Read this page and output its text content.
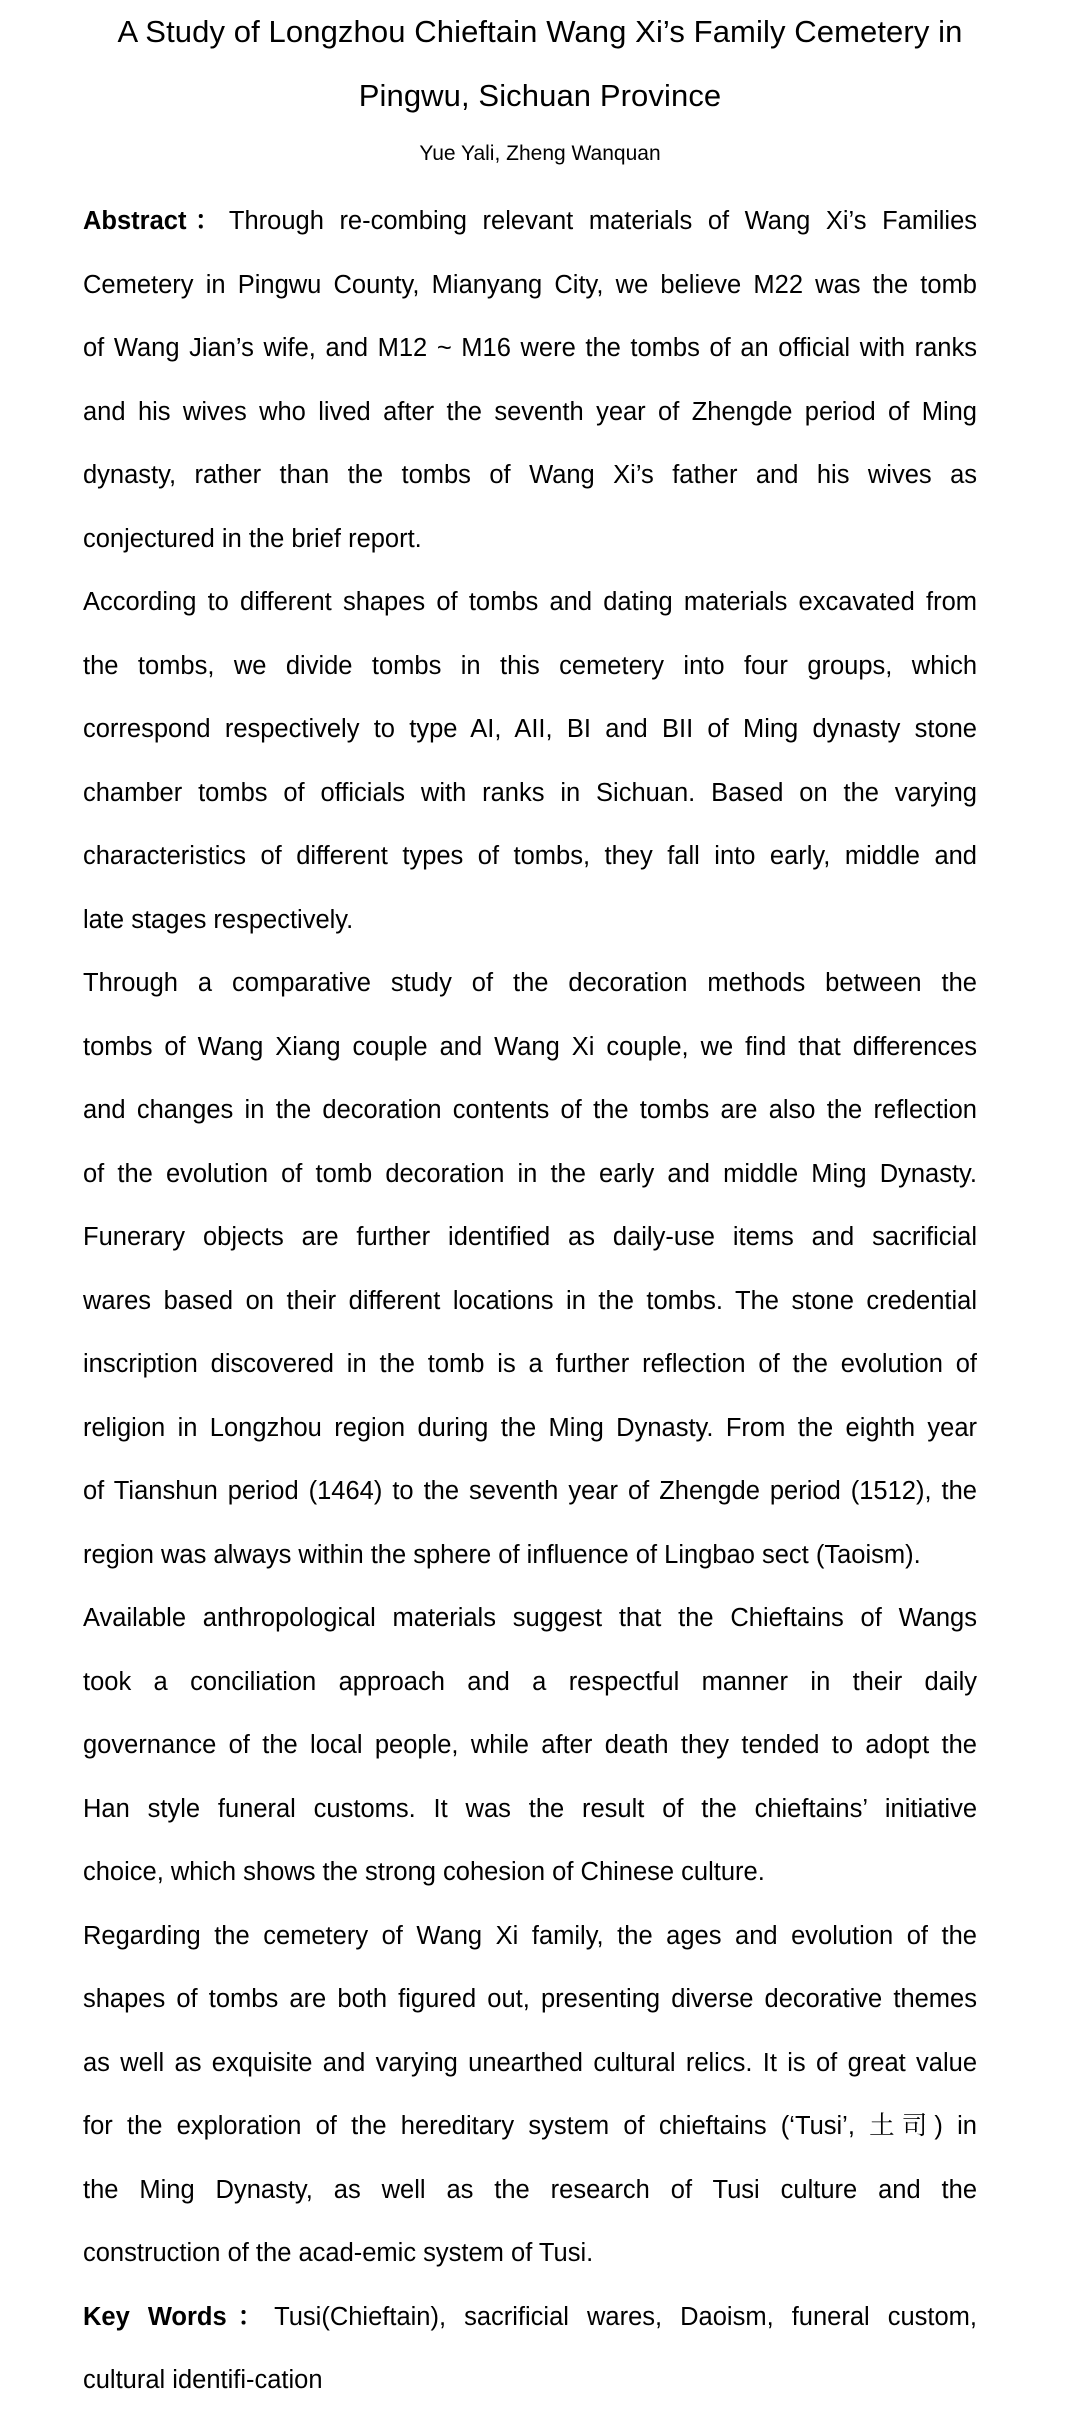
A Study of Longzhou Chieftain Wang Xi’s Family Cemetery in
Pingwu, Sichuan Province
Yue Yali, Zheng Wanquan
Abstract：Through re-combing relevant materials of Wang Xi’s Families
Cemetery in Pingwu County, Mianyang City, we believe M22 was the tomb
of Wang Jian’s wife, and M12 ~ M16 were the tombs of an official with ranks
and his wives who lived after the seventh year of Zhengde period of Ming
dynasty, rather than the tombs of Wang Xi’s father and his wives as
conjectured in the brief report.
According to different shapes of tombs and dating materials excavated from
the tombs, we divide tombs in this cemetery into four groups, which
correspond respectively to type AI, AII, BI and BII of Ming dynasty stone
chamber tombs of officials with ranks in Sichuan. Based on the varying
characteristics of different types of tombs, they fall into early, middle and
late stages respectively.
Through a comparative study of the decoration methods between the
tombs of Wang Xiang couple and Wang Xi couple, we find that differences
and changes in the decoration contents of the tombs are also the reflection
of the evolution of tomb decoration in the early and middle Ming Dynasty.
Funerary objects are further identified as daily-use items and sacrificial
wares based on their different locations in the tombs. The stone credential
inscription discovered in the tomb is a further reflection of the evolution of
religion in Longzhou region during the Ming Dynasty. From the eighth year
of Tianshun period (1464) to the seventh year of Zhengde period (1512), the
region was always within the sphere of influence of Lingbao sect (Taoism).
Available anthropological materials suggest that the Chieftains of Wangs
took a conciliation approach and a respectful manner in their daily
governance of the local people, while after death they tended to adopt the
Han style funeral customs. It was the result of the chieftains’ initiative
choice, which shows the strong cohesion of Chinese culture.
Regarding the cemetery of Wang Xi family, the ages and evolution of the
shapes of tombs are both figured out, presenting diverse decorative themes
as well as exquisite and varying unearthed cultural relics. It is of great value
for the exploration of the hereditary system of chieftains (‘Tusi’, 土司) in
the Ming Dynasty, as well as the research of Tusi culture and the
construction of the acad-emic system of Tusi.
Key Words：Tusi(Chieftain), sacrificial wares, Daoism, funeral custom,
cultural identifi-cation
